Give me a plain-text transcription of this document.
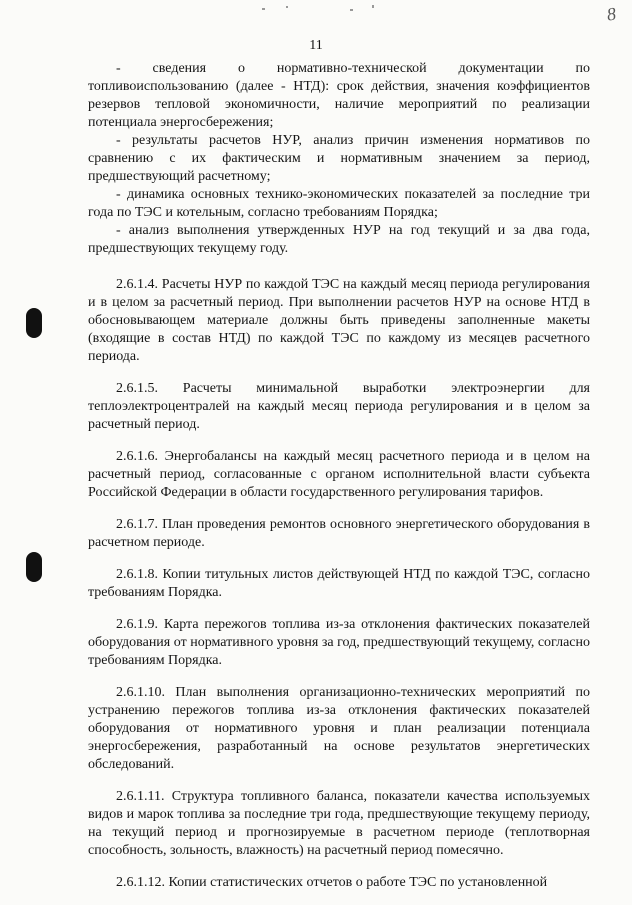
8
11

- сведения о нормативно-технической документации по топливоиспользованию (далее - НТД): срок действия, значения коэффициентов резервов тепловой экономичности, наличие мероприятий по реализации потенциала энергосбережения;

- результаты расчетов НУР, анализ причин изменения нормативов по сравнению с их фактическим и нормативным значением за период, предшествующий расчетному;

- динамика основных технико-экономических показателей за последние три года по ТЭС и котельным, согласно требованиям Порядка;

- анализ выполнения утвержденных НУР на год текущий и за два года, предшествующих текущему году.

2.6.1.4. Расчеты НУР по каждой ТЭС на каждый месяц периода регулирования и в целом за расчетный период. При выполнении расчетов НУР на основе НТД в обосновывающем материале должны быть приведены заполненные макеты (входящие в состав НТД) по каждой ТЭС по каждому из месяцев расчетного периода.

2.6.1.5. Расчеты минимальной выработки электроэнергии для теплоэлектроцентралей на каждый месяц периода регулирования и в целом за расчетный период.

2.6.1.6. Энергобалансы на каждый месяц расчетного периода и в целом на расчетный период, согласованные с органом исполнительной власти субъекта Российской Федерации в области государственного регулирования тарифов.

2.6.1.7. План проведения ремонтов основного энергетического оборудования в расчетном периоде.

2.6.1.8. Копии титульных листов действующей НТД по каждой ТЭС, согласно требованиям Порядка.

2.6.1.9. Карта пережогов топлива из-за отклонения фактических показателей оборудования от нормативного уровня за год, предшествующий текущему, согласно требованиям Порядка.

2.6.1.10. План выполнения организационно-технических мероприятий по устранению пережогов топлива из-за отклонения фактических показателей оборудования от нормативного уровня и план реализации потенциала энергосбережения, разработанный на основе результатов энергетических обследований.

2.6.1.11. Структура топливного баланса, показатели качества используемых видов и марок топлива за последние три года, предшествующие текущему периоду, на текущий период и прогнозируемые в расчетном периоде (теплотворная способность, зольность, влажность) на расчетный период помесячно.

2.6.1.12. Копии статистических отчетов о работе ТЭС по установленной
